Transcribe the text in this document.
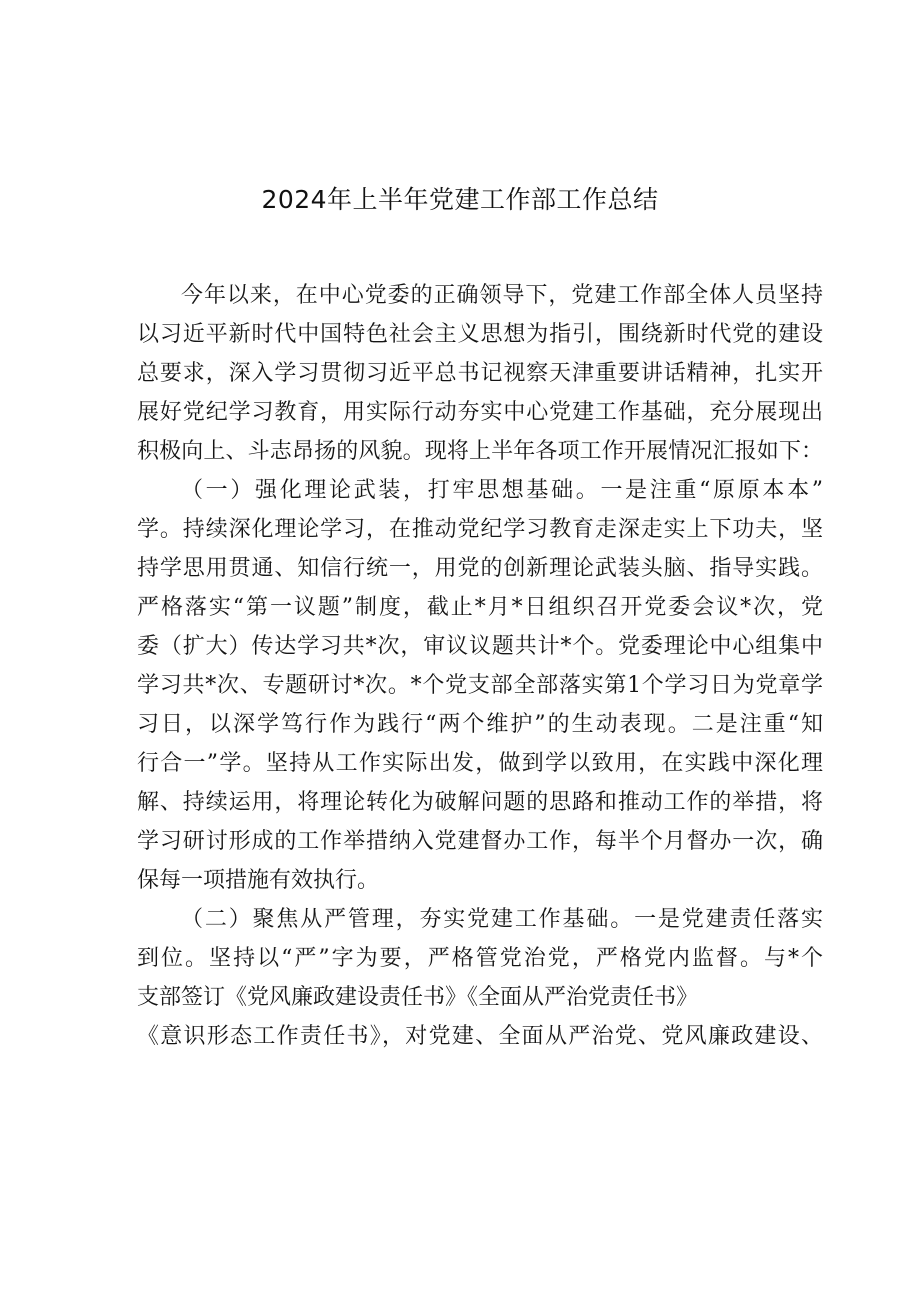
2024年上半年党建工作部工作总结
今年以来，在中心党委的正确领导下，党建工作部全体人员坚持
以习近平新时代中国特色社会主义思想为指引，围绕新时代党的建设
总要求，深入学习贯彻习近平总书记视察天津重要讲话精神，扎实开
展好党纪学习教育，用实际行动夯实中心党建工作基础，充分展现出
积极向上、斗志昂扬的风貌。现将上半年各项工作开展情况汇报如下：
（一）强化理论武装，打牢思想基础。一是注重“原原本本”
学。持续深化理论学习，在推动党纪学习教育走深走实上下功夫，坚
持学思用贯通、知信行统一，用党的创新理论武装头脑、指导实践。
严格落实“第一议题”制度，截止*月*日组织召开党委会议*次，党
委（扩大）传达学习共*次，审议议题共计*个。党委理论中心组集中
学习共*次、专题研讨*次。*个党支部全部落实第1个学习日为党章学
习日，以深学笃行作为践行“两个维护”的生动表现。二是注重“知
行合一”学。坚持从工作实际出发，做到学以致用，在实践中深化理
解、持续运用，将理论转化为破解问题的思路和推动工作的举措，将
学习研讨形成的工作举措纳入党建督办工作，每半个月督办一次，确
保每一项措施有效执行。
（二）聚焦从严管理，夯实党建工作基础。一是党建责任落实
到位。坚持以“严”字为要，严格管党治党，严格党内监督。与*个
支部签订《党风廉政建设责任书》《全面从严治党责任书》
《意识形态工作责任书》，对党建、全面从严治党、党风廉政建设、
